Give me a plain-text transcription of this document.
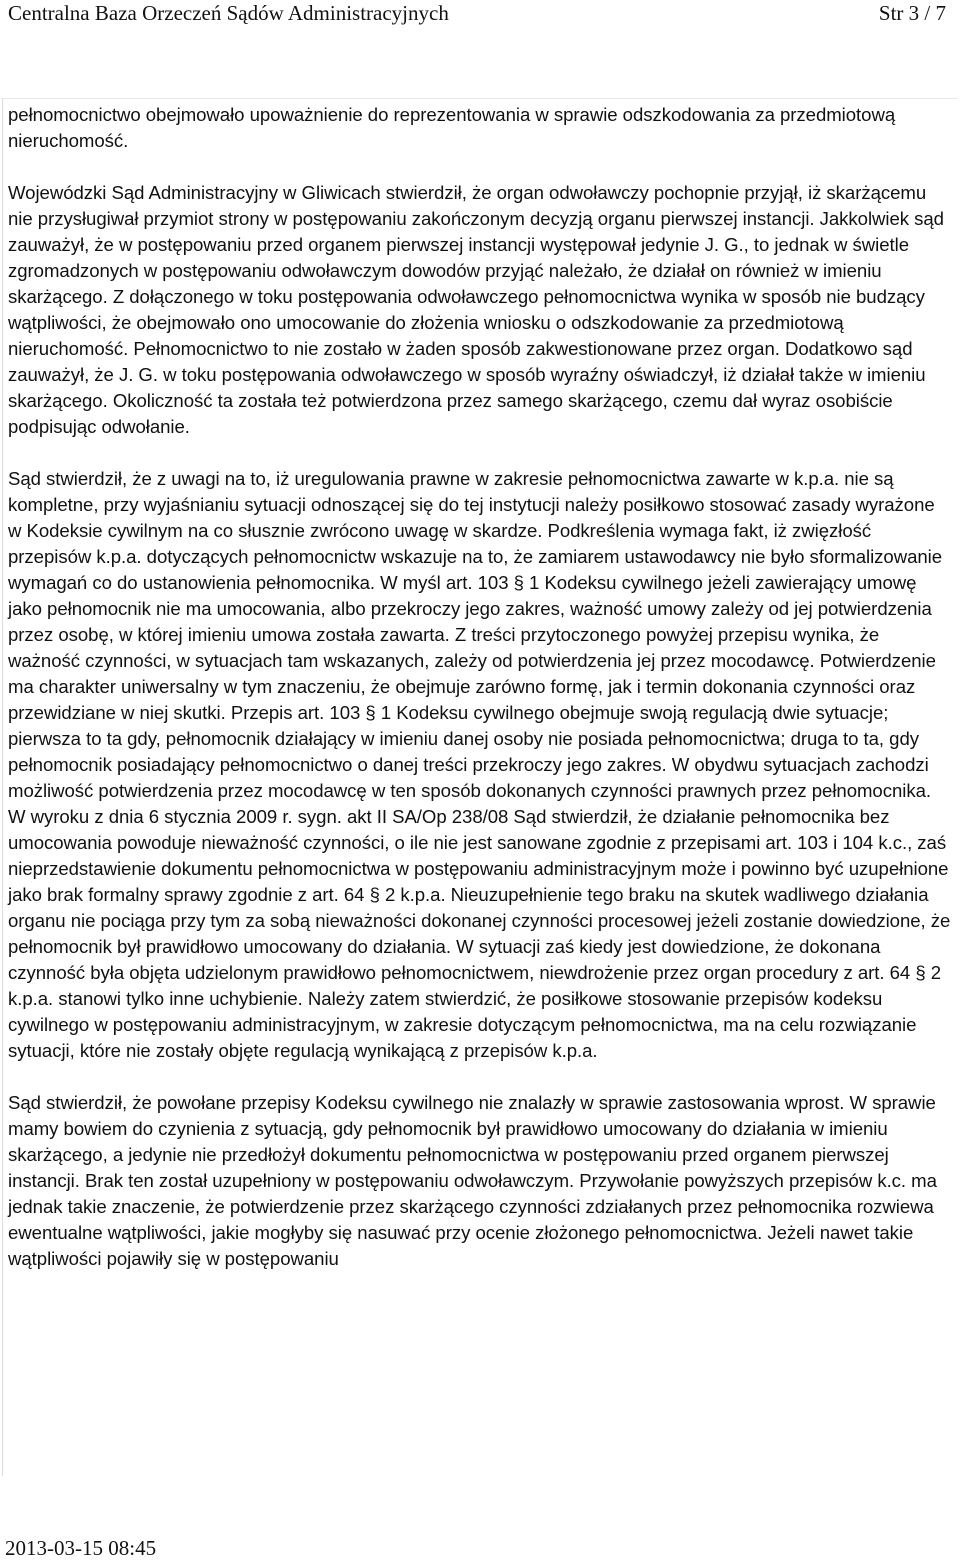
Centralna Baza Orzeczeń Sądów Administracyjnych	Str 3 / 7

pełnomocnictwo obejmowało upoważnienie do reprezentowania w sprawie odszkodowania za przedmiotową nieruchomość.

Wojewódzki Sąd Administracyjny w Gliwicach stwierdził, że organ odwoławczy pochopnie przyjął, iż skarżącemu nie przysługiwał przymiot strony w postępowaniu zakończonym decyzją organu pierwszej instancji. Jakkolwiek sąd zauważył, że w postępowaniu przed organem pierwszej instancji występował jedynie J. G., to jednak w świetle zgromadzonych w postępowaniu odwoławczym dowodów przyjąć należało, że działał on również w imieniu skarżącego. Z dołączonego w toku postępowania odwoławczego pełnomocnictwa wynika w sposób nie budzący wątpliwości, że obejmowało ono umocowanie do złożenia wniosku o odszkodowanie za przedmiotową nieruchomość. Pełnomocnictwo to nie zostało w żaden sposób zakwestionowane przez organ. Dodatkowo sąd zauważył, że J. G. w toku postępowania odwoławczego w sposób wyraźny oświadczył, iż działał także w imieniu skarżącego. Okoliczność ta została też potwierdzona przez samego skarżącego, czemu dał wyraz osobiście podpisując odwołanie.

Sąd stwierdził, że z uwagi na to, iż uregulowania prawne w zakresie pełnomocnictwa zawarte w k.p.a. nie są kompletne, przy wyjaśnianiu sytuacji odnoszącej się do tej instytucji należy posiłkowo stosować zasady wyrażone w Kodeksie cywilnym na co słusznie zwrócono uwagę w skardze. Podkreślenia wymaga fakt, iż zwięzłość przepisów k.p.a. dotyczących pełnomocnictw wskazuje na to, że zamiarem ustawodawcy nie było sformalizowanie wymagań co do ustanowienia pełnomocnika. W myśl art. 103 § 1 Kodeksu cywilnego jeżeli zawierający umowę jako pełnomocnik nie ma umocowania, albo przekroczy jego zakres, ważność umowy zależy od jej potwierdzenia przez osobę, w której imieniu umowa została zawarta. Z treści przytoczonego powyżej przepisu wynika, że ważność czynności, w sytuacjach tam wskazanych, zależy od potwierdzenia jej przez mocodawcę. Potwierdzenie ma charakter uniwersalny w tym znaczeniu, że obejmuje zarówno formę, jak i termin dokonania czynności oraz przewidziane w niej skutki. Przepis art. 103 § 1 Kodeksu cywilnego obejmuje swoją regulacją dwie sytuacje; pierwsza to ta gdy, pełnomocnik działający w imieniu danej osoby nie posiada pełnomocnictwa; druga to ta, gdy pełnomocnik posiadający pełnomocnictwo o danej treści przekroczy jego zakres. W obydwu sytuacjach zachodzi możliwość potwierdzenia przez mocodawcę w ten sposób dokonanych czynności prawnych przez pełnomocnika. W wyroku z dnia 6 stycznia 2009 r. sygn. akt II SA/Op 238/08 Sąd stwierdził, że działanie pełnomocnika bez umocowania powoduje nieważność czynności, o ile nie jest sanowane zgodnie z przepisami art. 103 i 104 k.c., zaś nieprzedstawienie dokumentu pełnomocnictwa w postępowaniu administracyjnym może i powinno być uzupełnione jako brak formalny sprawy zgodnie z art. 64 § 2 k.p.a. Nieuzupełnienie tego braku na skutek wadliwego działania organu nie pociąga przy tym za sobą nieważności dokonanej czynności procesowej jeżeli zostanie dowiedzione, że pełnomocnik był prawidłowo umocowany do działania. W sytuacji zaś kiedy jest dowiedzione, że dokonana czynność była objęta udzielonym prawidłowo pełnomocnictwem, niewdrożenie przez organ procedury z art. 64 § 2 k.p.a. stanowi tylko inne uchybienie. Należy zatem stwierdzić, że posiłkowe stosowanie przepisów kodeksu cywilnego w postępowaniu administracyjnym, w zakresie dotyczącym pełnomocnictwa, ma na celu rozwiązanie sytuacji, które nie zostały objęte regulacją wynikającą z przepisów k.p.a.

Sąd stwierdził, że powołane przepisy Kodeksu cywilnego nie znalazły w sprawie zastosowania wprost. W sprawie mamy bowiem do czynienia z sytuacją, gdy pełnomocnik był prawidłowo umocowany do działania w imieniu skarżącego, a jedynie nie przedłożył dokumentu pełnomocnictwa w postępowaniu przed organem pierwszej instancji. Brak ten został uzupełniony w postępowaniu odwoławczym. Przywołanie powyższych przepisów k.c. ma jednak takie znaczenie, że potwierdzenie przez skarżącego czynności zdziałanych przez pełnomocnika rozwiewa ewentualne wątpliwości, jakie mogłyby się nasuwać przy ocenie złożonego pełnomocnictwa. Jeżeli nawet takie wątpliwości pojawiły się w postępowaniu

2013-03-15 08:45
